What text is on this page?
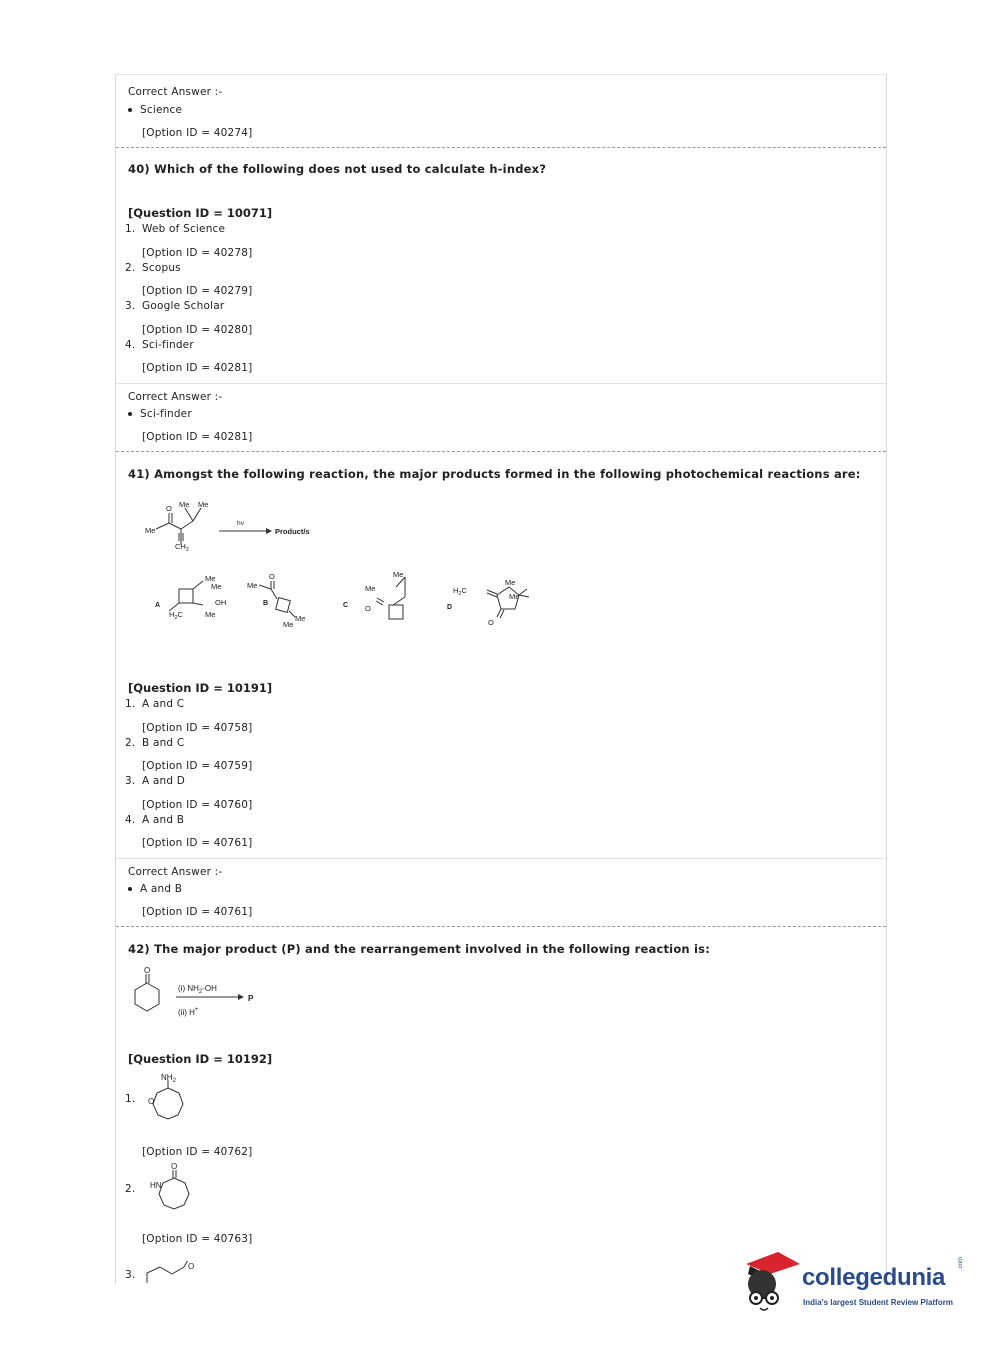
Correct Answer :-
Science
[Option ID = 40274]
40) Which of the following does not used to calculate h-index?
[Question ID = 10071]
1. Web of Science
[Option ID = 40278]
2. Scopus
[Option ID = 40279]
3. Google Scholar
[Option ID = 40280]
4. Sci-finder
[Option ID = 40281]
Correct Answer :-
Sci-finder
[Option ID = 40281]
41) Amongst the following reaction, the major products formed in the following photochemical reactions are:
Me
O Me Me
$CH_2$
hν
Product/s
A
Me
Me
OH
Me
$H_2C$
B
Me
O
Me
Me
C
Me
Me
O	D
$H_2C$
Me
Me
O
[Question ID = 10191]
1. A and C
[Option ID = 40758]
2. B and C
[Option ID = 40759]
3. A and D
[Option ID = 40760]
4. A and B
[Option ID = 40761]
Correct Answer :-
A and B
[Option ID = 40761]
42) The major product (P) and the rearrangement involved in the following reaction is:
O
(i) $NH_2-OH$
(ii) H+
P
[Question ID = 10192]
1.
$NH_2$
O
[Option ID = 40762]
2.
O
HN
[Option ID = 40763]
3.
O	collegedunia
.com
India's largest Student Review Platform
